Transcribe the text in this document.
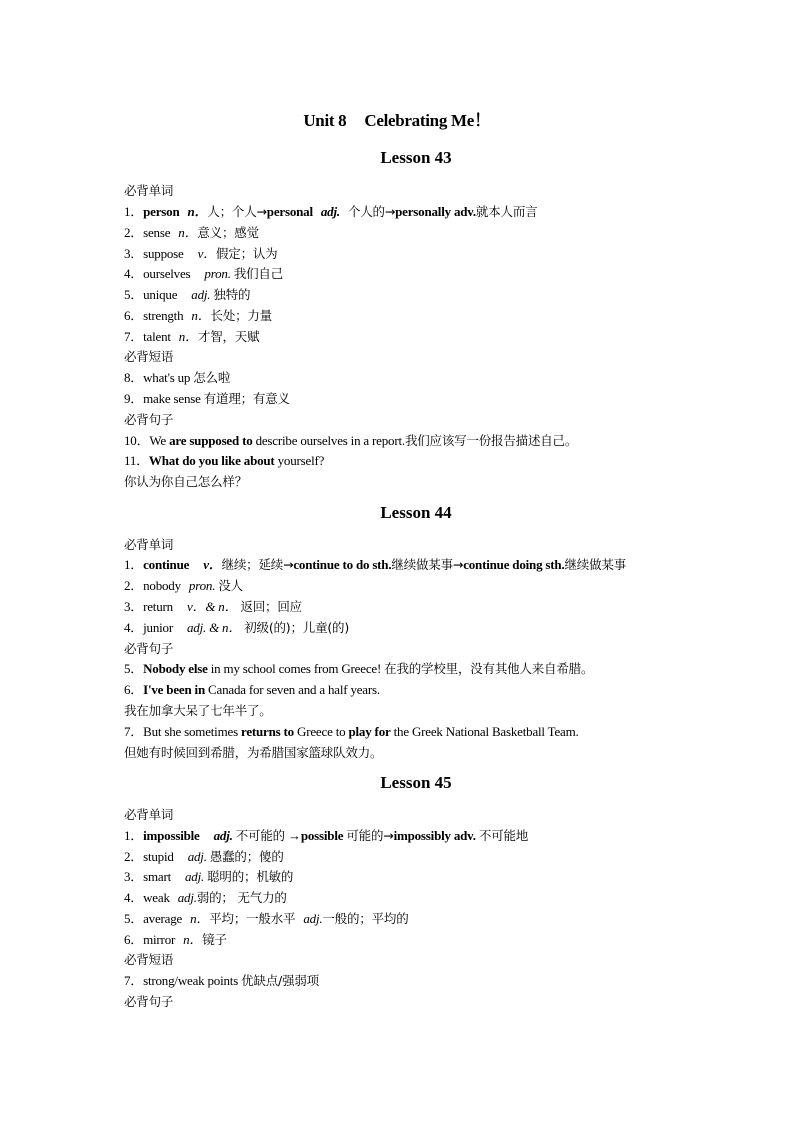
Unit 8 Celebrating Me！
Lesson 43
必背单词
1．person n．人；个人→personal adj. 个人的→personally adv.就本人而言
2．sense n．意义；感觉
3．suppose v．假定；认为
4．ourselves pron. 我们自己
5．unique adj. 独特的
6．strength n．长处；力量
7．talent n．才智，天赋
必背短语
8．what's up 怎么啦
9．make sense 有道理；有意义
必背句子
10．We are supposed to describe ourselves in a report.我们应该写一份报告描述自己。
11．What do you like about yourself?
你认为你自己怎么样？
Lesson 44
必背单词
1．continue v．继续；延续→continue to do sth.继续做某事→continue doing sth.继续做某事
2．nobody pron. 没人
3．return v．& n． 返回；回应
4．junior adj. & n． 初级(的)；儿童(的)
必背句子
5．Nobody else in my school comes from Greece! 在我的学校里，没有其他人来自希腊。
6．I've been in Canada for seven and a half years.
我在加拿大呆了七年半了。
7．But she sometimes returns to Greece to play for the Greek National Basketball Team.
但她有时候回到希腊，为希腊国家篮球队效力。
Lesson 45
必背单词
1．impossible adj. 不可能的 →possible 可能的→impossibly adv. 不可能地
2．stupid adj. 愚蠢的；傻的
3．smart adj. 聪明的；机敏的
4．weak adj.弱的； 无气力的
5．average n．平均；一般水平 adj.一般的；平均的
6．mirror n．镜子
必背短语
7．strong/weak points 优缺点/强弱项
必背句子
